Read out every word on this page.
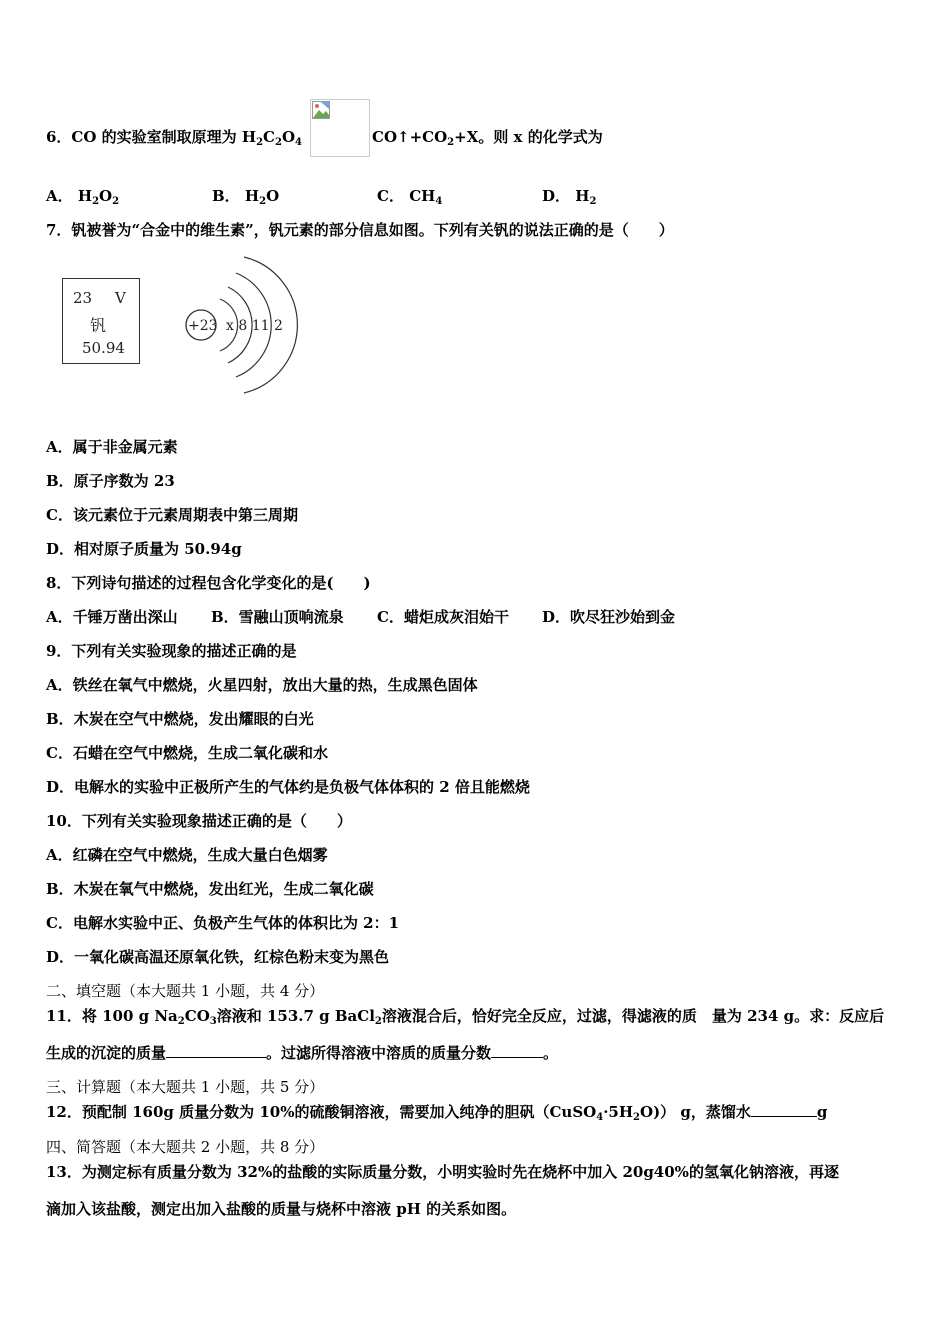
6．CO 的实验室制取原理为 $H_2C_2O_4$	$CO↑+CO_2+X$。则 x 的化学式为
A． $H_2O_2$	B． $H_2O$	C． $CH_4$	D． $H_2$
7．钒被誉为“合金中的维生素”，钒元素的部分信息如图。下列有关钒的说法正确的是（　　）
23 V
钒
50.94
+23 x 8 11 2
A．属于非金属元素
B．原子序数为 23
C．该元素位于元素周期表中第三周期
D．相对原子质量为 50.94g
8．下列诗句描述的过程包含化学变化的是(　　)
A．千锤万凿出深山 B．雪融山顶响流泉 C．蜡炬成灰泪始干 D．吹尽狂沙始到金
9．下列有关实验现象的描述正确的是
A．铁丝在氧气中燃烧，火星四射，放出大量的热，生成黑色固体
B．木炭在空气中燃烧，发出耀眼的白光
C．石蜡在空气中燃烧，生成二氧化碳和水
D．电解水的实验中正极所产生的气体约是负极气体体积的 2 倍且能燃烧
10．下列有关实验现象描述正确的是（　　）
A．红磷在空气中燃烧，生成大量白色烟雾
B．木炭在氧气中燃烧，发出红光，生成二氧化碳
C．电解水实验中正、负极产生气体的体积比为 2：1
D．一氧化碳高温还原氧化铁，红棕色粉末变为黑色
二、填空题（本大题共 1 小题，共 4 分）
11．将 100 g $Na_2CO_3$溶液和 153.7 g BaCl$_2$溶液混合后，恰好完全反应，过滤，得滤液的质　量为 234 g。求：反应后
生成的沉淀的质量	。过滤所得溶液中溶质的质量分数	。
三、计算题（本大题共 1 小题，共 5 分）
12．预配制 160g 质量分数为 10%的硫酸铜溶液，需要加入纯净的胆矾$(CuSO_4\cdot 5H_2O)$） g，蒸馏水	g
四、简答题（本大题共 2 小题，共 8 分）
13．为测定标有质量分数为 32%的盐酸的实际质量分数，小明实验时先在烧杯中加入 20g40%的氢氧化钠溶液，再逐
滴加入该盐酸，测定出加入盐酸的质量与烧杯中溶液 pH 的关系如图。
